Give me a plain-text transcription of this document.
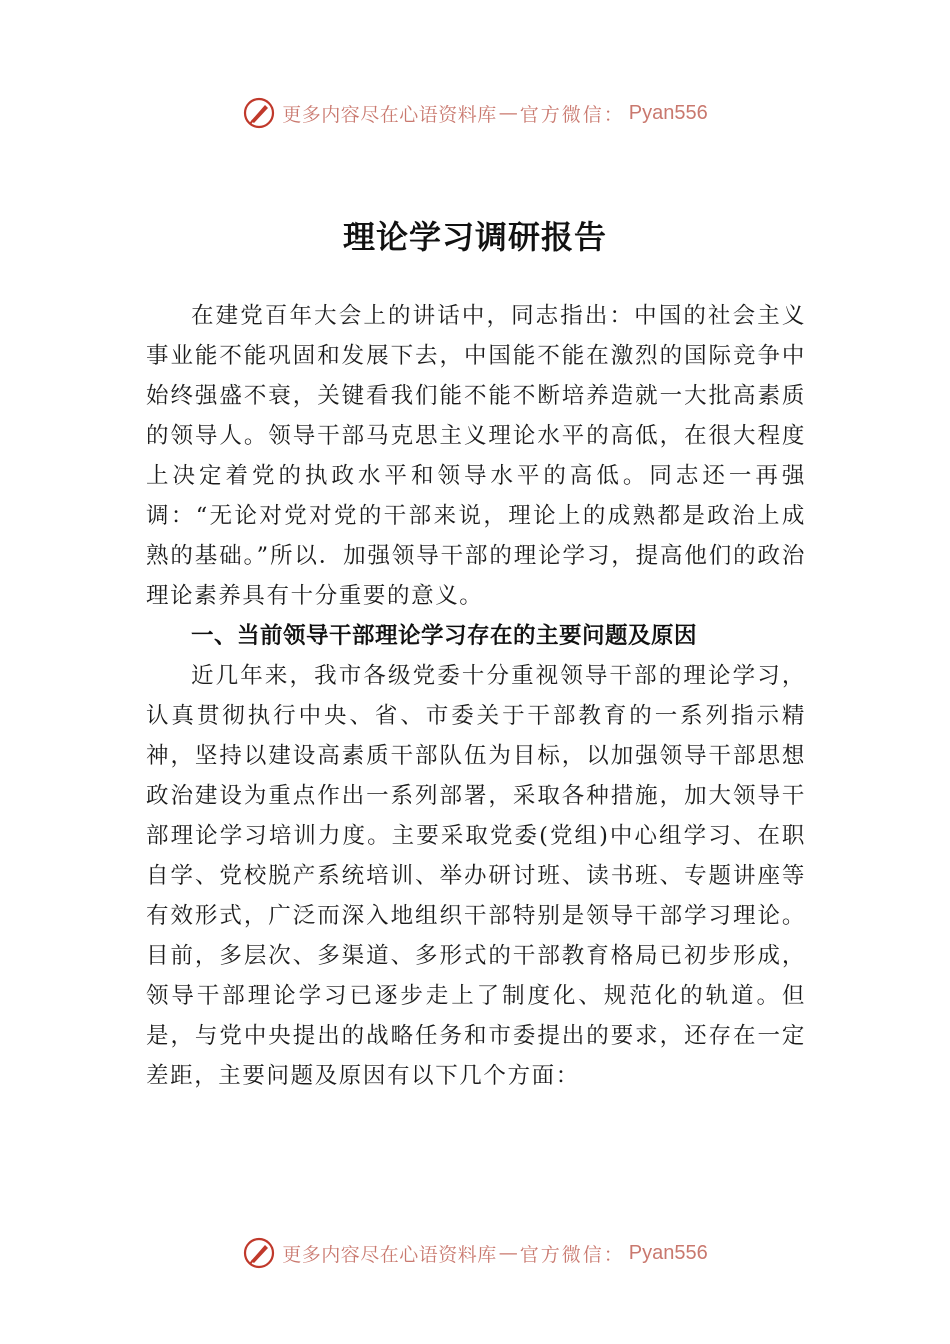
更多内容尽在心语资料库 — 官方微信： Pyan556
理论学习调研报告

在建党百年大会上的讲话中，同志指出：中国的社会主义事业能不能巩固和发展下去，中国能不能在激烈的国际竞争中始终强盛不衰，关键看我们能不能不断培养造就一大批高素质的领导人。领导干部马克思主义理论水平的高低，在很大程度上决定着党的执政水平和领导水平的高低。同志还一再强调：“无论对党对党的干部来说，理论上的成熟都是政治上成熟的基础。”所以．加强领导干部的理论学习，提高他们的政治理论素养具有十分重要的意义。

一、当前领导干部理论学习存在的主要问题及原因

近几年来，我市各级党委十分重视领导干部的理论学习，认真贯彻执行中央、省、市委关于干部教育的一系列指示精神，坚持以建设高素质干部队伍为目标，以加强领导干部思想政治建设为重点作出一系列部署，采取各种措施，加大领导干部理论学习培训力度。主要采取党委(党组)中心组学习、在职自学、党校脱产系统培训、举办研讨班、读书班、专题讲座等有效形式，广泛而深入地组织干部特别是领导干部学习理论。目前，多层次、多渠道、多形式的干部教育格局已初步形成，领导干部理论学习已逐步走上了制度化、规范化的轨道。但是，与党中央提出的战略任务和市委提出的要求，还存在一定差距，主要问题及原因有以下几个方面：

更多内容尽在心语资料库 — 官方微信： Pyan556
